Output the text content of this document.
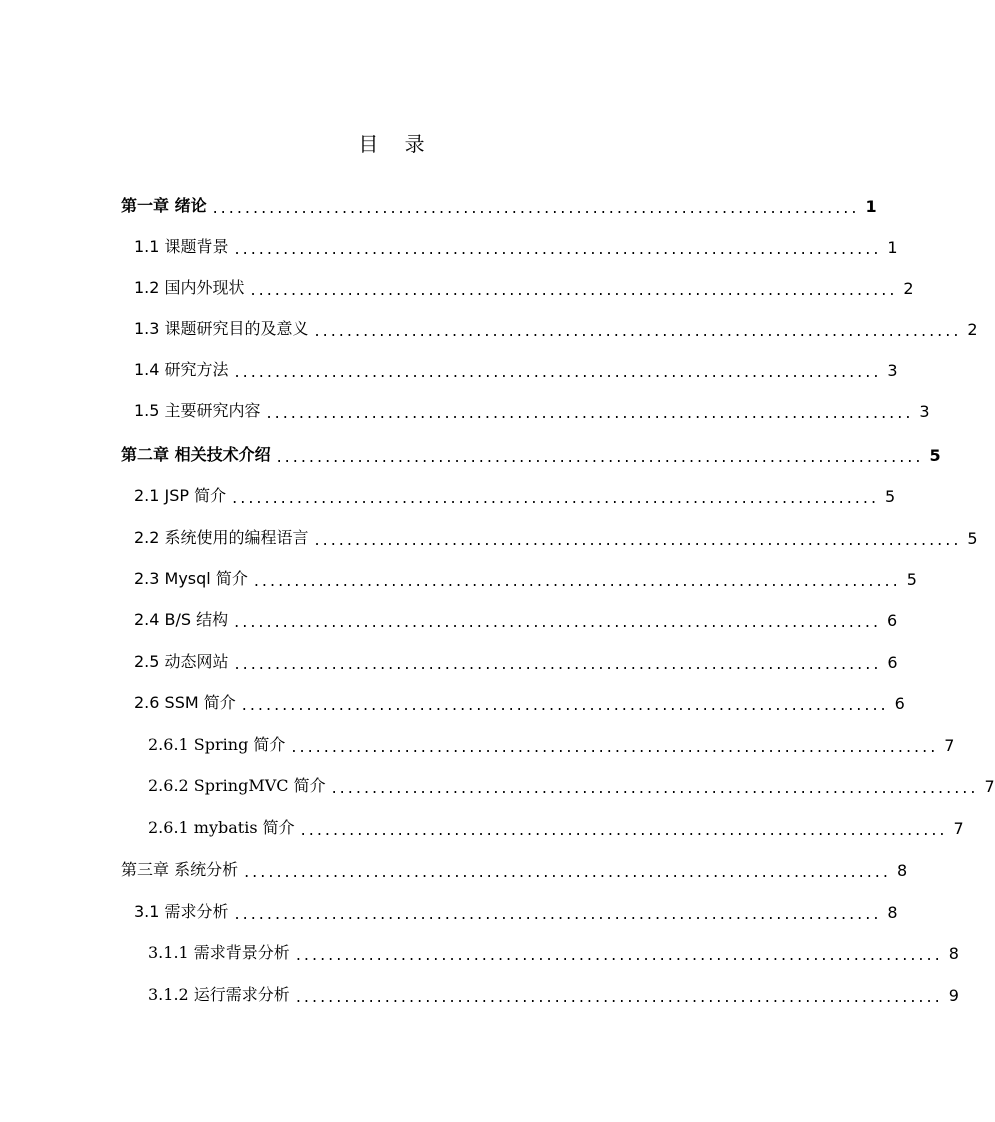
目 录
第一章 绪论 ................................................................................ 1
1.1 课题背景 ................................................................................ 1
1.2 国内外现状 ................................................................................ 2
1.3 课题研究目的及意义 ................................................................................ 2
1.4 研究方法 ................................................................................ 3
1.5 主要研究内容 ................................................................................ 3
第二章 相关技术介绍 ................................................................................ 5
2.1 JSP 简介 ................................................................................ 5
2.2 系统使用的编程语言 ................................................................................ 5
2.3 Mysql 简介 ................................................................................ 5
2.4 B/S 结构 ................................................................................ 6
2.5 动态网站 ................................................................................ 6
2.6 SSM 简介 ................................................................................ 6
2.6.1 Spring 简介 ................................................................................ 7
2.6.2 SpringMVC 简介 ................................................................................ 7
2.6.1 mybatis 简介 ................................................................................ 7
第三章 系统分析 ................................................................................ 8
3.1 需求分析 ................................................................................ 8
3.1.1 需求背景分析 ................................................................................ 8
3.1.2 运行需求分析 ................................................................................ 9
